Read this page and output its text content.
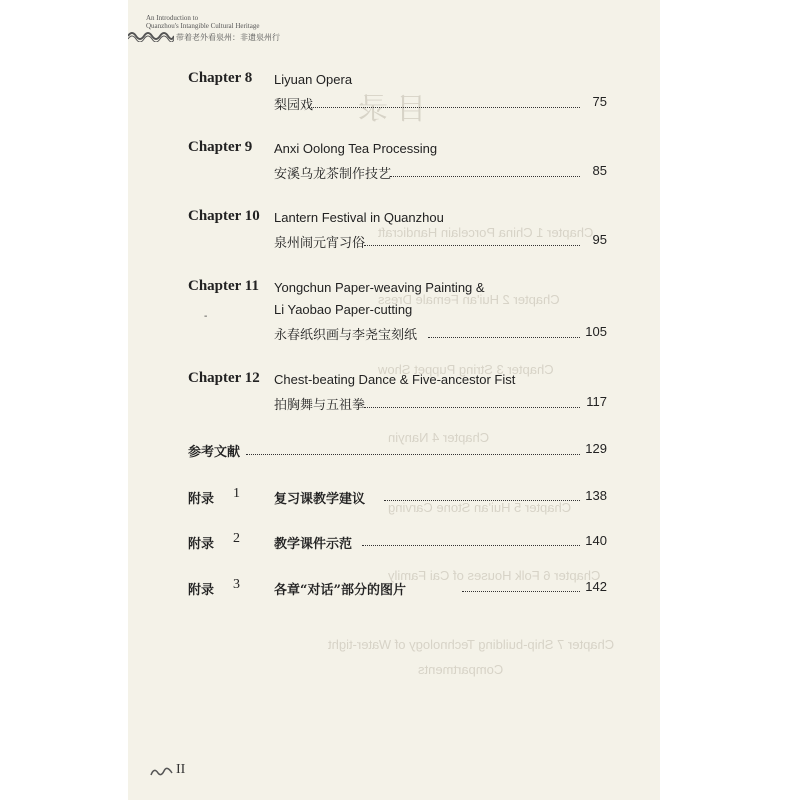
目 录
Chapter 1 China Porcelain Handicraft
Chapter 2 Hui'an Female Dress
Chapter 3 String Puppet Show
Chapter 4 Nanyin
Chapter 5 Hui'an Stone Carving
Chapter 6 Folk Houses of Cai Family
Chapter 7 Ship-building Technology of Water-tight
Compartments
An Introduction to
Quanzhou's Intangible Cultural Heritage
带着老外看泉州：非遗泉州行
Chapter 8 Liyuan Opera
梨园戏	75
Chapter 9 Anxi Oolong Tea Processing
安溪乌龙茶制作技艺	85
Chapter 10 Lantern Festival in Quanzhou
泉州闹元宵习俗	95
Chapter 11 Yongchun Paper-weaving Painting &
Li Yaobao Paper-cutting
-
永春纸织画与李尧宝刻纸	105
Chapter 12 Chest-beating Dance & Five-ancestor Fist
拍胸舞与五祖拳	117
参考文献	129
附录 1	复习课教学建议	138
附录 2	教学课件示范	140
附录 3	各章“对话”部分的图片	142
II
